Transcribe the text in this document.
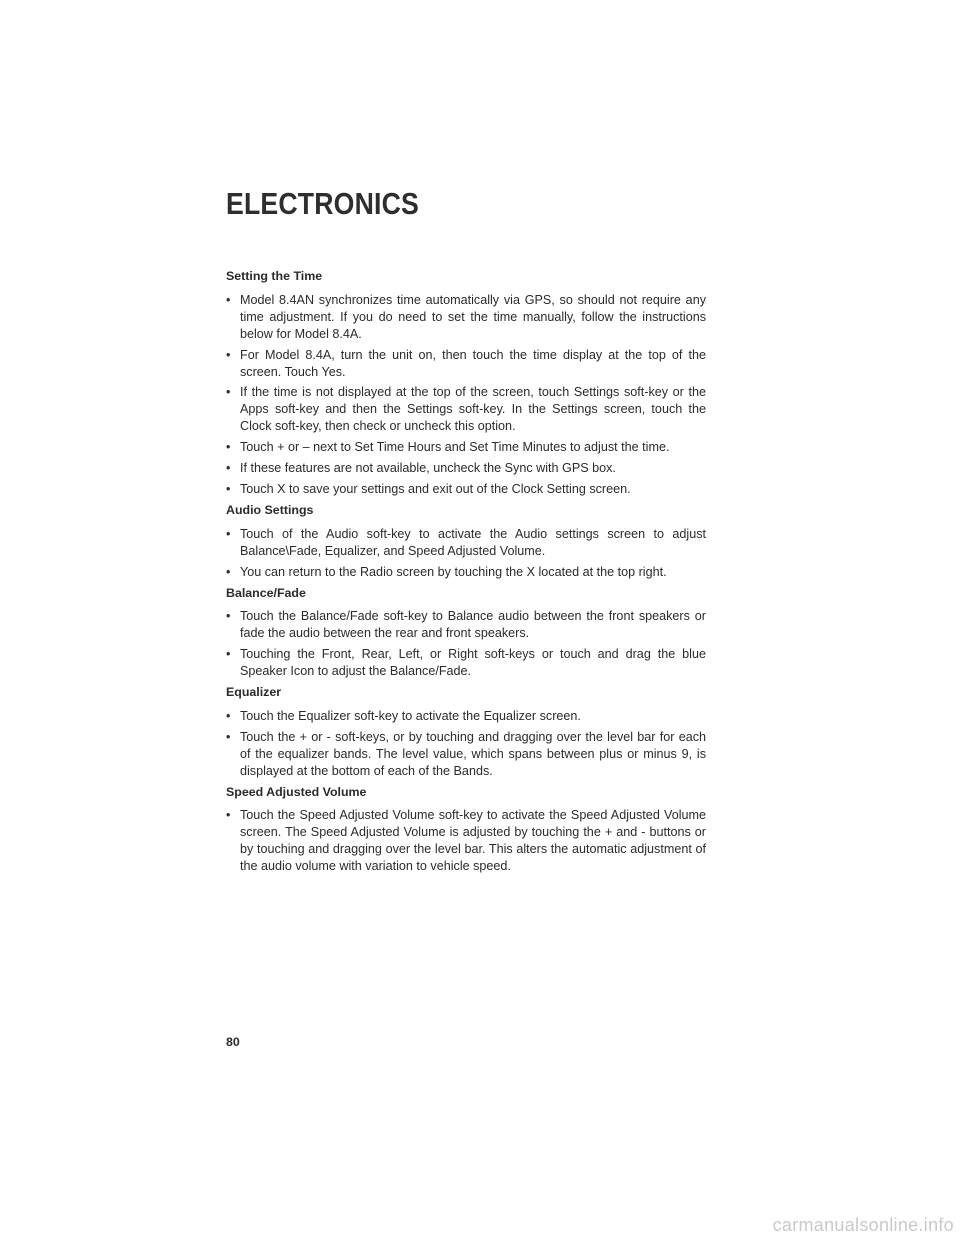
ELECTRONICS
Setting the Time
• Model 8.4AN synchronizes time automatically via GPS, so should not require any time adjustment. If you do need to set the time manually, follow the instructions below for Model 8.4A.
• For Model 8.4A, turn the unit on, then touch the time display at the top of the screen. Touch Yes.
• If the time is not displayed at the top of the screen, touch Settings soft-key or the Apps soft-key and then the Settings soft-key. In the Settings screen, touch the Clock soft-key, then check or uncheck this option.
• Touch + or – next to Set Time Hours and Set Time Minutes to adjust the time.
• If these features are not available, uncheck the Sync with GPS box.
• Touch X to save your settings and exit out of the Clock Setting screen.
Audio Settings
• Touch of the Audio soft-key to activate the Audio settings screen to adjust Balance\Fade, Equalizer, and Speed Adjusted Volume.
• You can return to the Radio screen by touching the X located at the top right.
Balance/Fade
• Touch the Balance/Fade soft-key to Balance audio between the front speakers or fade the audio between the rear and front speakers.
• Touching the Front, Rear, Left, or Right soft-keys or touch and drag the blue Speaker Icon to adjust the Balance/Fade.
Equalizer
• Touch the Equalizer soft-key to activate the Equalizer screen.
• Touch the + or - soft-keys, or by touching and dragging over the level bar for each of the equalizer bands. The level value, which spans between plus or minus 9, is displayed at the bottom of each of the Bands.
Speed Adjusted Volume
• Touch the Speed Adjusted Volume soft-key to activate the Speed Adjusted Volume screen. The Speed Adjusted Volume is adjusted by touching the + and - buttons or by touching and dragging over the level bar. This alters the automatic adjustment of the audio volume with variation to vehicle speed.
80
carmanualsonline.info
